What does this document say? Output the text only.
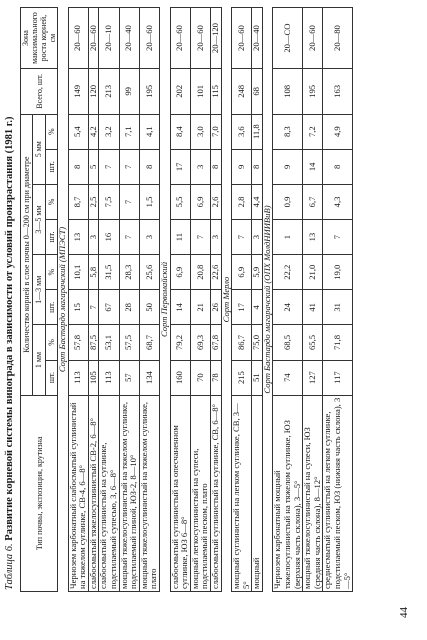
44
Таблица 6. Развитие корневой системы винограда в зависимости от условий произрастания (1981 г.) Тип почвы, экспозиция, крутизна	Количество корней в слое почвы 0—200 см при диаметре								Всего, шт.	Зона максимального роста корней, см
	1 мм		1—3 мм		3—5 мм		5 мм			
	шт.	%	шт.	%	шт.	%	шт.	%		
Сорт Бастардо магарачский (МПЭСТ)										
Чернозем карбонатный слабосмытый суглинистый на тяжелом суглинке, СВ-4, 6—8°	113	57,8	15	10,1	13	8,7	8	5,4	149	20—60
слабосмытый тяжелосуглинистый СВ-2, 6—8°	105	87,5	7	5,8	3	2,5	5	4,2	120	20—60
слабосмытый суглинистый на суглинке, подстилаемый супесью, 3, 6—8°	113	53,1	67	31,5	16	7,5	7	3,2	213	20—10
мощный тяжелосуглинистый на тяжелом суглинке, подстилаемый глиной, ЮЗ-2, 8—10°	57	57,5	28	28,3	7	7	7	7,1	99	20—40
мощный тяжелосуглинистый на тяжелом суглинке, плато	134	68,7	50	25,6	3	1,5	8	4,1	195	20—60
Сорт Первомайский										
слабосмытый суглинистый на опесчаненном суглинке, ЮЗ 6—8°	160	79,2	14	6,9	11	5,5	17	8,4	202	20—60
мощный легкосуглинистый на супеси, подстилаемый песком, плато	70	69,3	21	20,8	7	6,9	3	3,0	101	20—60
слабосмытый суглинистый на суглинке, СВ, 6—8°	78	67,8	26	22,6	3	2,6	8	7,0	115	20—120
Сорт Мерло										
мощный суглинистый на легком суглинке, СВ, 3—5°	215	86,7	17	6,9	7	2,8	9	3,6	248	20—60
мощный	51	75,0	4	5,9	3	4,4	8	11,8	68	20—40
Сорт Бастардо магарачский (ОПХ МолдНИИВиВ)										
Чернозем карбонатный мощный тяжелосуглинистый на тяжелом суглинке, ЮЗ (верхняя часть склона), 3—5°	74	68,5	24	22,2	1	0,9	9	8,3	108	20—СО
мощный тяжелосуглинистый на супеси, ЮЗ (средняя часть склона), 8—12°	127	65,5	41	21,0	13	6,7	14	7,2	195	20—60
среднесмытый суглинистый на легком суглинке, подстилаемый песком, ЮЗ (нижняя часть склона), 3—5°	117	71,8	31	19,0	7	4,3	8	4,9	163	20—80
